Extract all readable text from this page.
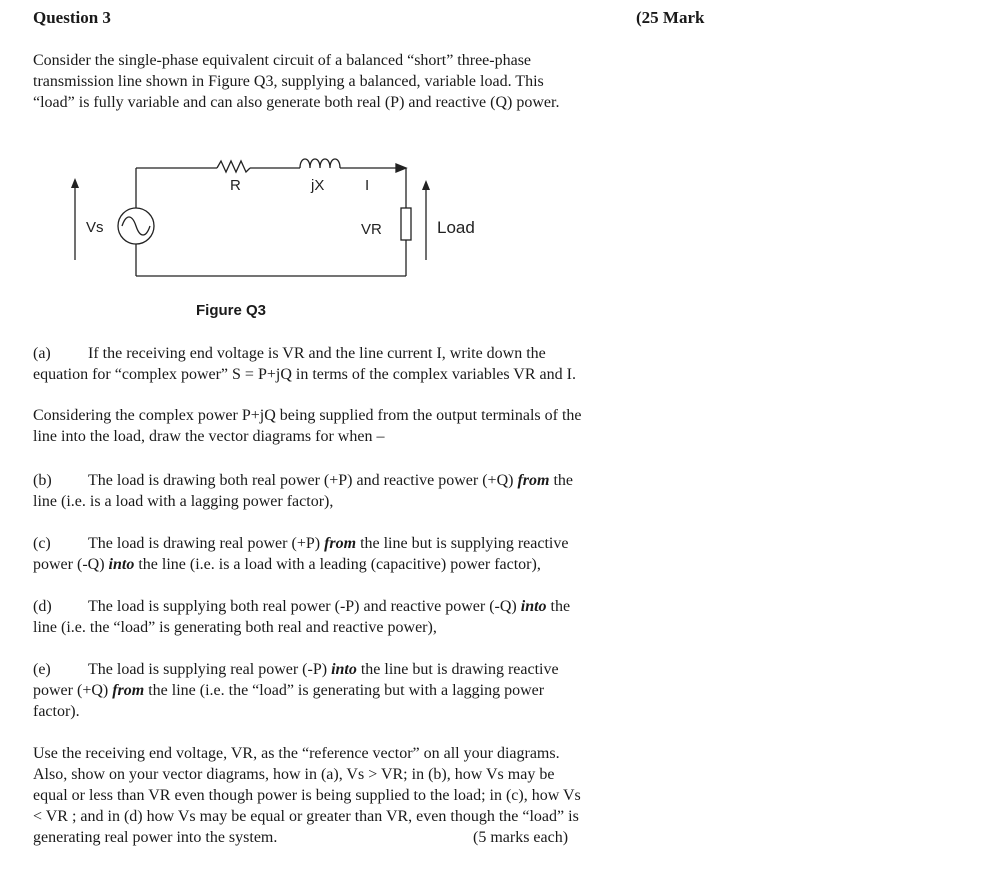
Question 3	(25 Mark
Consider the single-phase equivalent circuit of a balanced “short” three-phase
transmission line shown in Figure Q3, supplying a balanced, variable load. This
“load” is fully variable and can also generate both real (P) and reactive (Q) power.
R	jX	I
Vs	VR	Load
Figure Q3
(a) If the receiving end voltage is VR and the line current I, write down the
equation for “complex power” S = P+jQ in terms of the complex variables VR and I.
Considering the complex power P+jQ being supplied from the output terminals of the
line into the load, draw the vector diagrams for when –
(b) The load is drawing both real power (+P) and reactive power (+Q) from the
line (i.e. is a load with a lagging power factor),
(c) The load is drawing real power (+P) from the line but is supplying reactive
power (-Q) into the line (i.e. is a load with a leading (capacitive) power factor),
(d) The load is supplying both real power (-P) and reactive power (-Q) into the
line (i.e. the “load” is generating both real and reactive power),
(e) The load is supplying real power (-P) into the line but is drawing reactive
power (+Q) from the line (i.e. the “load” is generating but with a lagging power
factor).
Use the receiving end voltage, VR, as the “reference vector” on all your diagrams.
Also, show on your vector diagrams, how in (a), Vs > VR; in (b), how Vs may be
equal or less than VR even though power is being supplied to the load; in (c), how Vs
< VR ; and in (d) how Vs may be equal or greater than VR, even though the “load” is
generating real power into the system.	(5 marks each)
